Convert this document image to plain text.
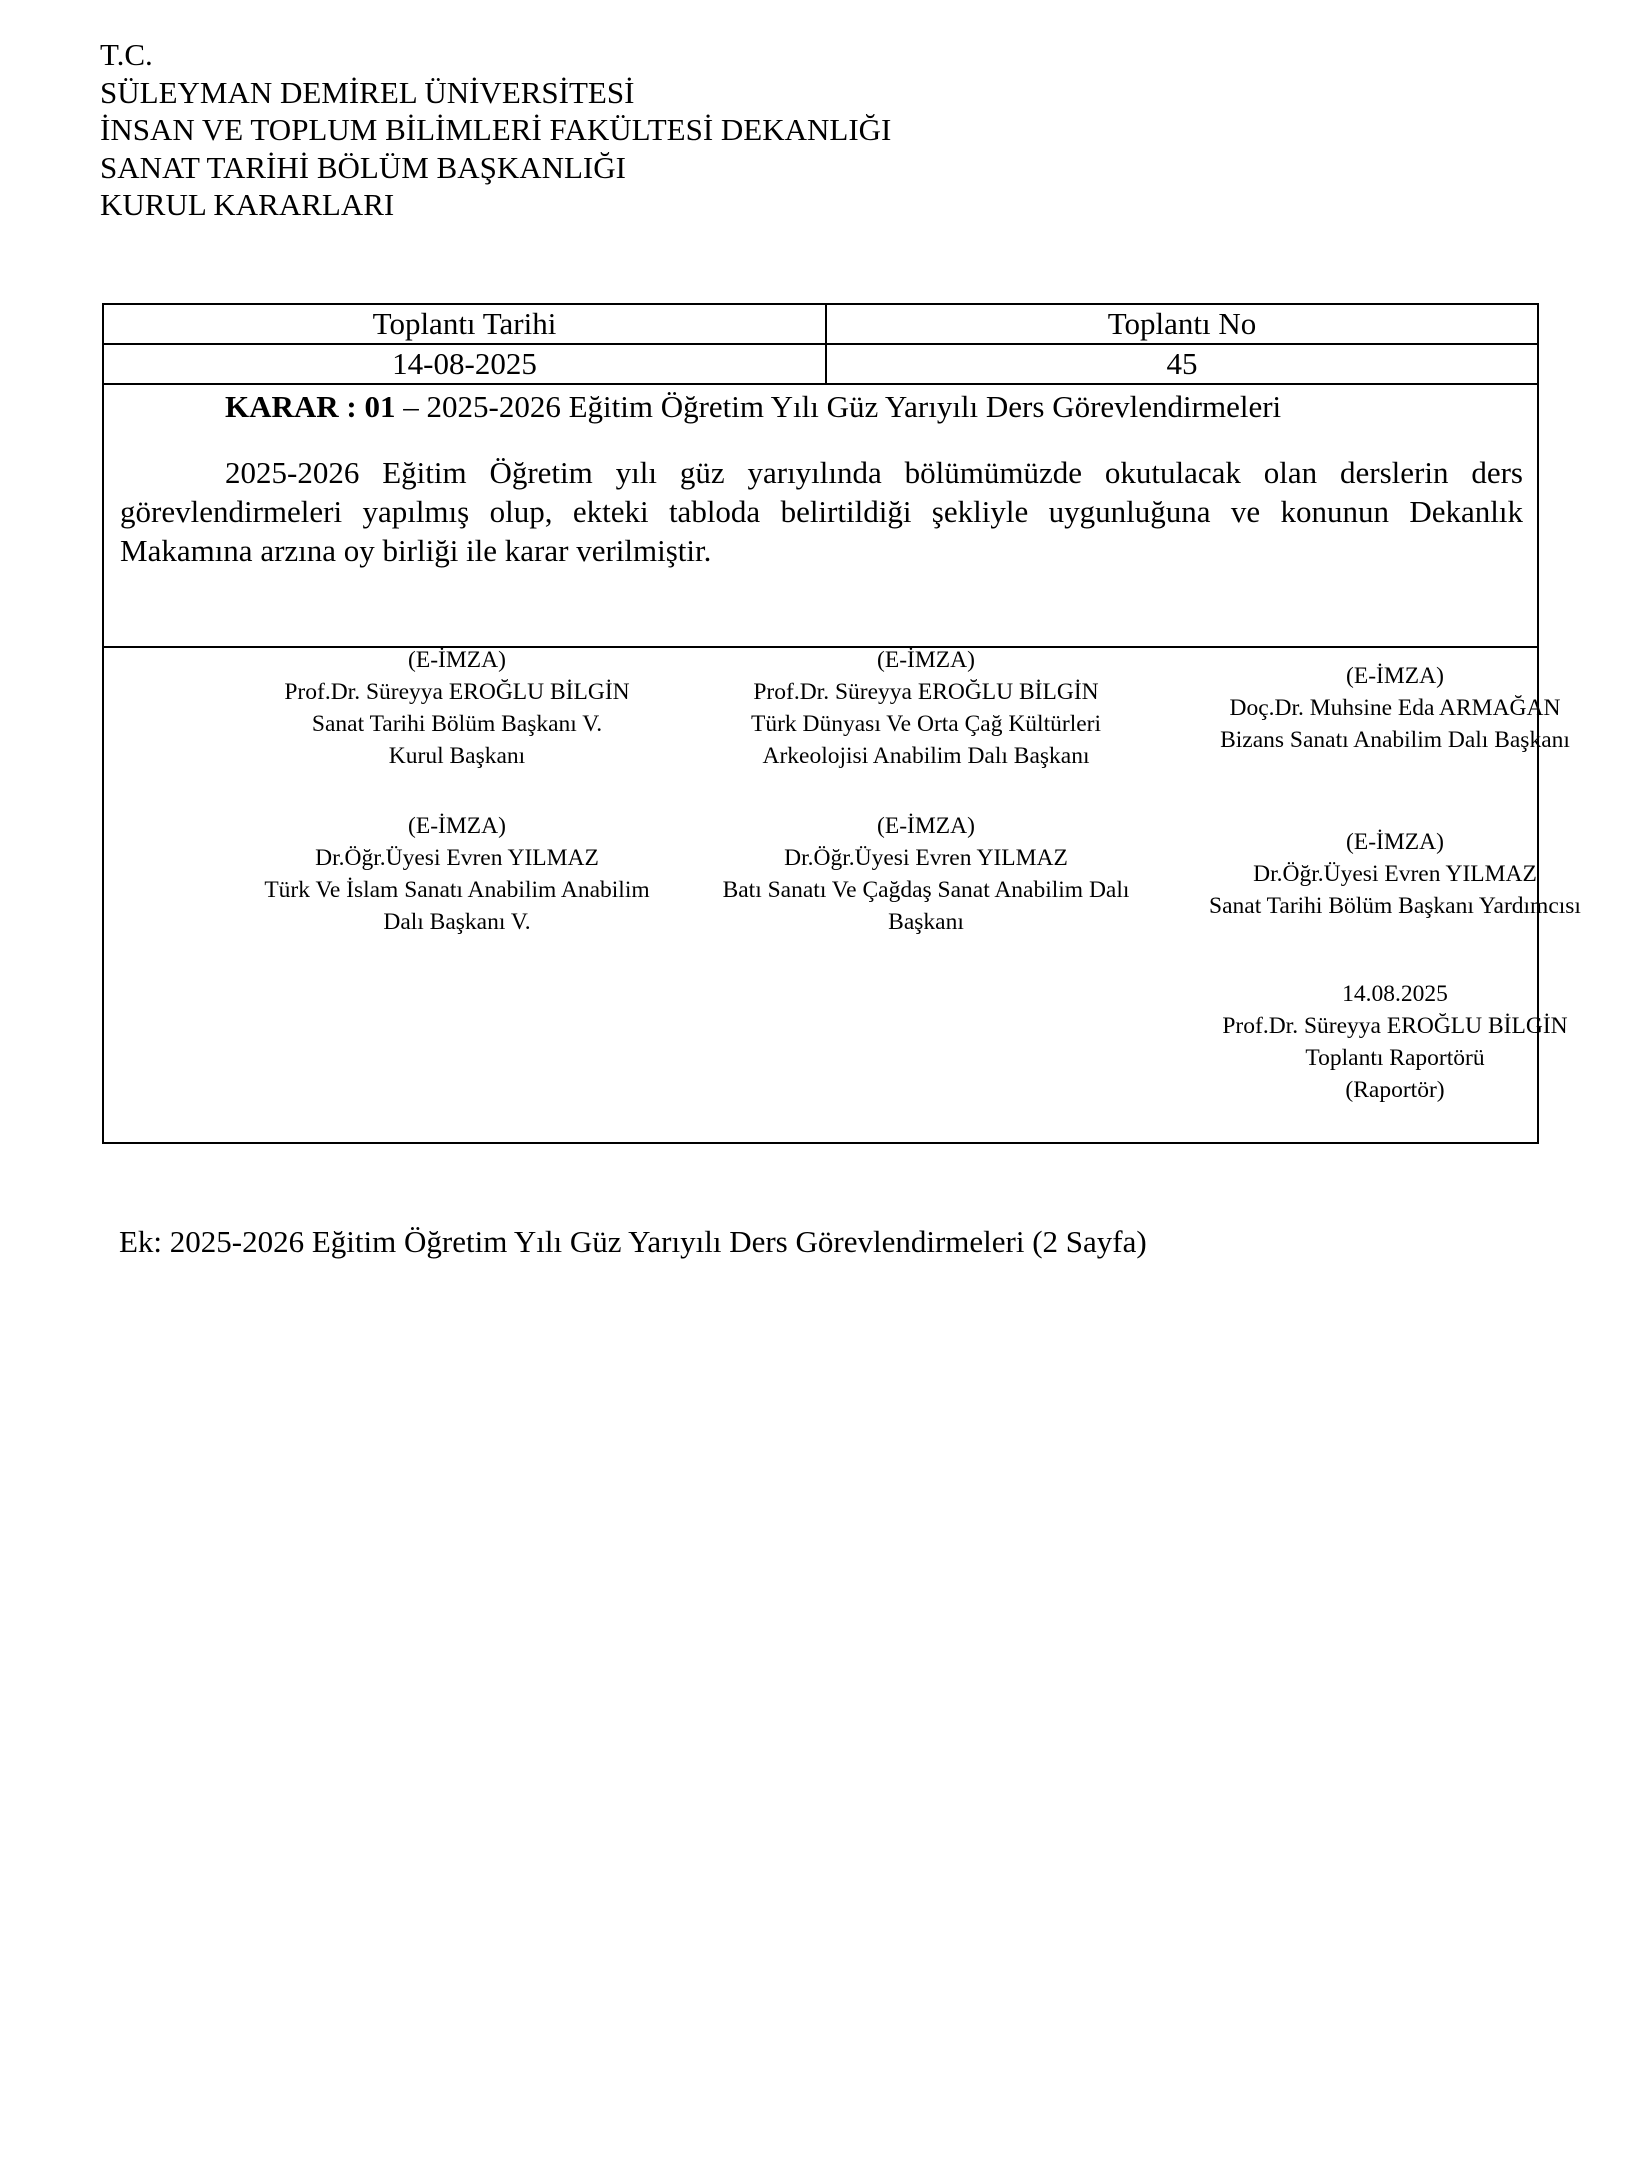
T.C.
SÜLEYMAN DEMİREL ÜNİVERSİTESİ
İNSAN VE TOPLUM BİLİMLERİ FAKÜLTESİ DEKANLIĞI
SANAT TARİHİ BÖLÜM BAŞKANLIĞI
KURUL KARARLARI
Toplantı Tarihi	Toplantı No
14-08-2025	45
KARAR : 01 – 2025-2026 Eğitim Öğretim Yılı Güz Yarıyılı Ders Görevlendirmeleri
2025-2026 Eğitim Öğretim yılı güz yarıyılında bölümümüzde okutulacak olan derslerin ders görevlendirmeleri yapılmış olup, ekteki tabloda belirtildiği şekliyle uygunluğuna ve konunun Dekanlık Makamına arzına oy birliği ile karar verilmiştir.
(E-İMZA)
Prof.Dr. Süreyya EROĞLU BİLGİN
Sanat Tarihi Bölüm Başkanı V.
Kurul Başkanı
(E-İMZA)
Prof.Dr. Süreyya EROĞLU BİLGİN
Türk Dünyası Ve Orta Çağ Kültürleri
Arkeolojisi Anabilim Dalı Başkanı
(E-İMZA)
Doç.Dr. Muhsine Eda ARMAĞAN
Bizans Sanatı Anabilim Dalı Başkanı
(E-İMZA)
Dr.Öğr.Üyesi Evren YILMAZ
Türk Ve İslam Sanatı Anabilim Anabilim
Dalı Başkanı V.
(E-İMZA)
Dr.Öğr.Üyesi Evren YILMAZ
Batı Sanatı Ve Çağdaş Sanat Anabilim Dalı
Başkanı
(E-İMZA)
Dr.Öğr.Üyesi Evren YILMAZ
Sanat Tarihi Bölüm Başkanı Yardımcısı
14.08.2025
Prof.Dr. Süreyya EROĞLU BİLGİN
Toplantı Raportörü
(Raportör)
Ek: 2025-2026 Eğitim Öğretim Yılı Güz Yarıyılı Ders Görevlendirmeleri (2 Sayfa)
